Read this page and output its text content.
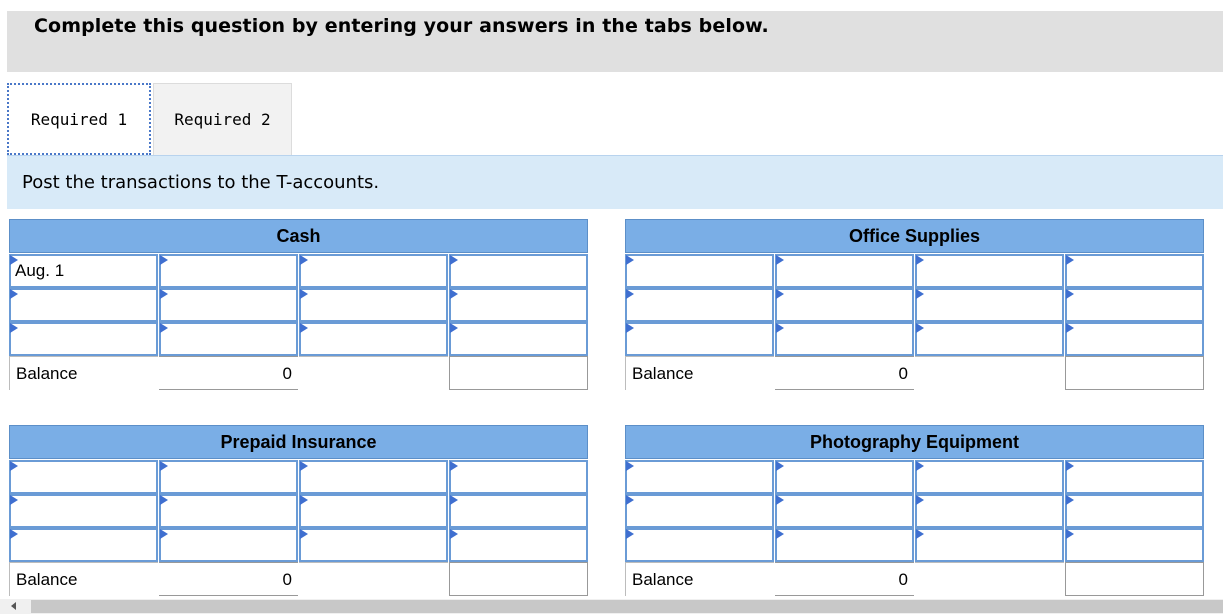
Complete this question by entering your answers in the tabs below.
Required 1	Required 2
Post the transactions to the T-accounts.
Cash
Aug. 1
Balance	0
Office Supplies
Balance	0
Prepaid Insurance
Balance	0
Photography Equipment
Balance	0
